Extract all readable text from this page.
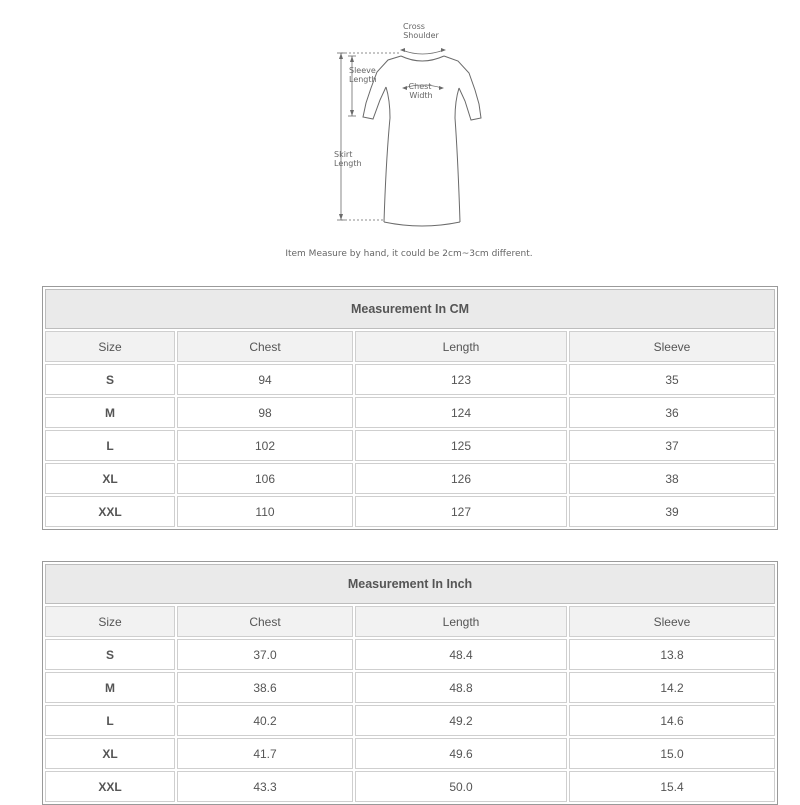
Cross
Shoulder
Sleeve
Length
Chest
Width
Skirt
Length
Item Measure by hand, it could be 2cm~3cm different.
Measurement In CM			
Size	Chest	Length	Sleeve
S	94	123	35
M	98	124	36
L	102	125	37
XL	106	126	38
XXL	110	127	39
Measurement In Inch			
Size	Chest	Length	Sleeve
S	37.0	48.4	13.8
M	38.6	48.8	14.2
L	40.2	49.2	14.6
XL	41.7	49.6	15.0
XXL	43.3	50.0	15.4
